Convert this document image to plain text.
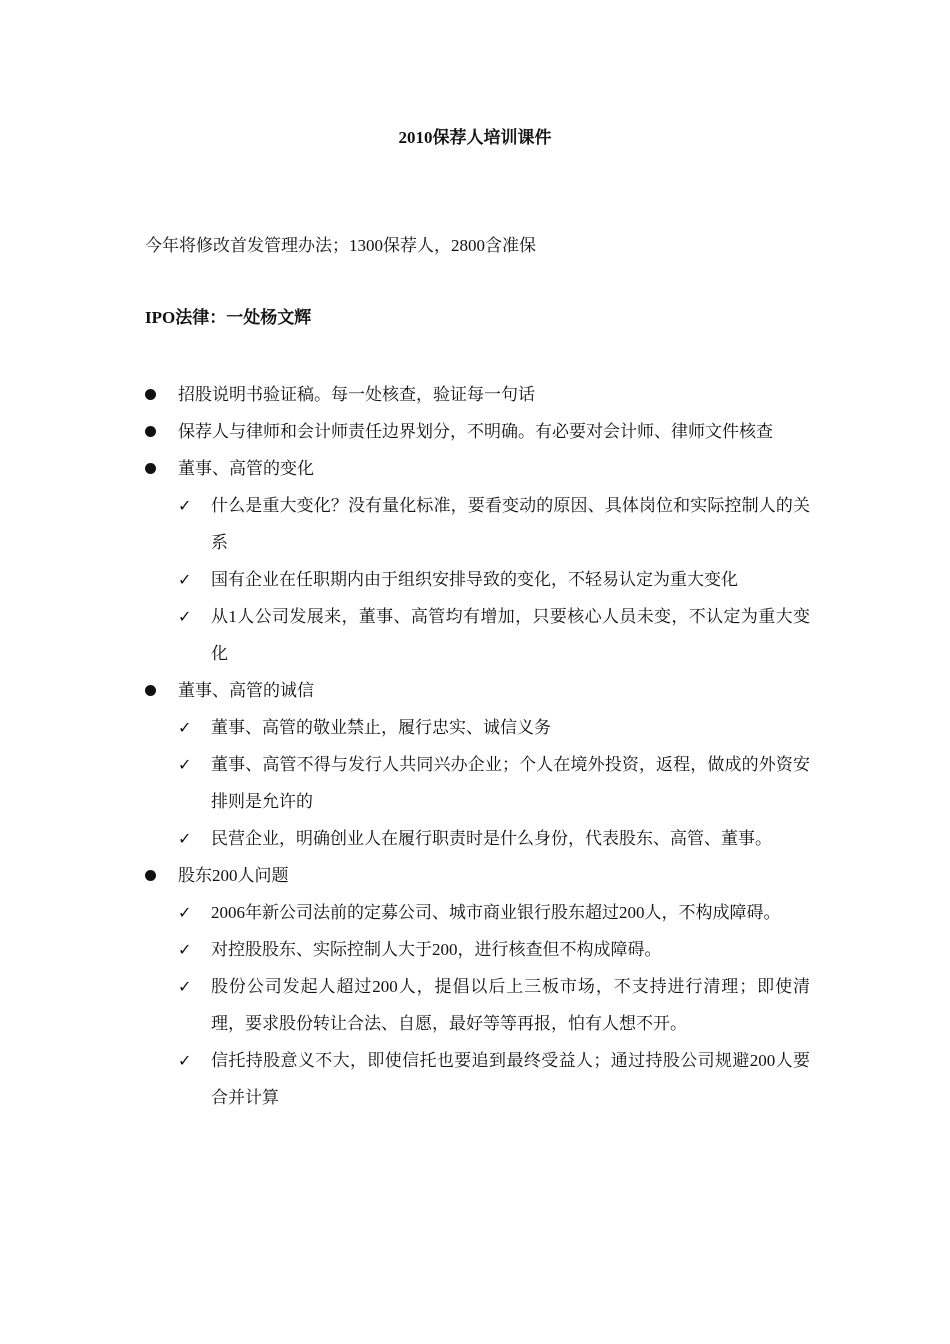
2010保荐人培训课件
今年将修改首发管理办法；1300保荐人，2800含准保
IPO法律：一处杨文辉
招股说明书验证稿。每一处核查，验证每一句话
保荐人与律师和会计师责任边界划分，不明确。有必要对会计师、律师文件核查
董事、高管的变化
✓ 什么是重大变化？没有量化标准，要看变动的原因、具体岗位和实际控制人的关系
✓ 国有企业在任职期内由于组织安排导致的变化，不轻易认定为重大变化
✓ 从1人公司发展来，董事、高管均有增加，只要核心人员未变，不认定为重大变化
董事、高管的诚信
✓ 董事、高管的敬业禁止，履行忠实、诚信义务
✓ 董事、高管不得与发行人共同兴办企业；个人在境外投资，返程，做成的外资安排则是允许的
✓ 民营企业，明确创业人在履行职责时是什么身份，代表股东、高管、董事。
股东200人问题
✓ 2006年新公司法前的定募公司、城市商业银行股东超过200人，不构成障碍。
✓ 对控股股东、实际控制人大于200，进行核查但不构成障碍。
✓ 股份公司发起人超过200人，提倡以后上三板市场，不支持进行清理；即使清理，要求股份转让合法、自愿，最好等等再报，怕有人想不开。
✓ 信托持股意义不大，即使信托也要追到最终受益人；通过持股公司规避200人要合并计算
